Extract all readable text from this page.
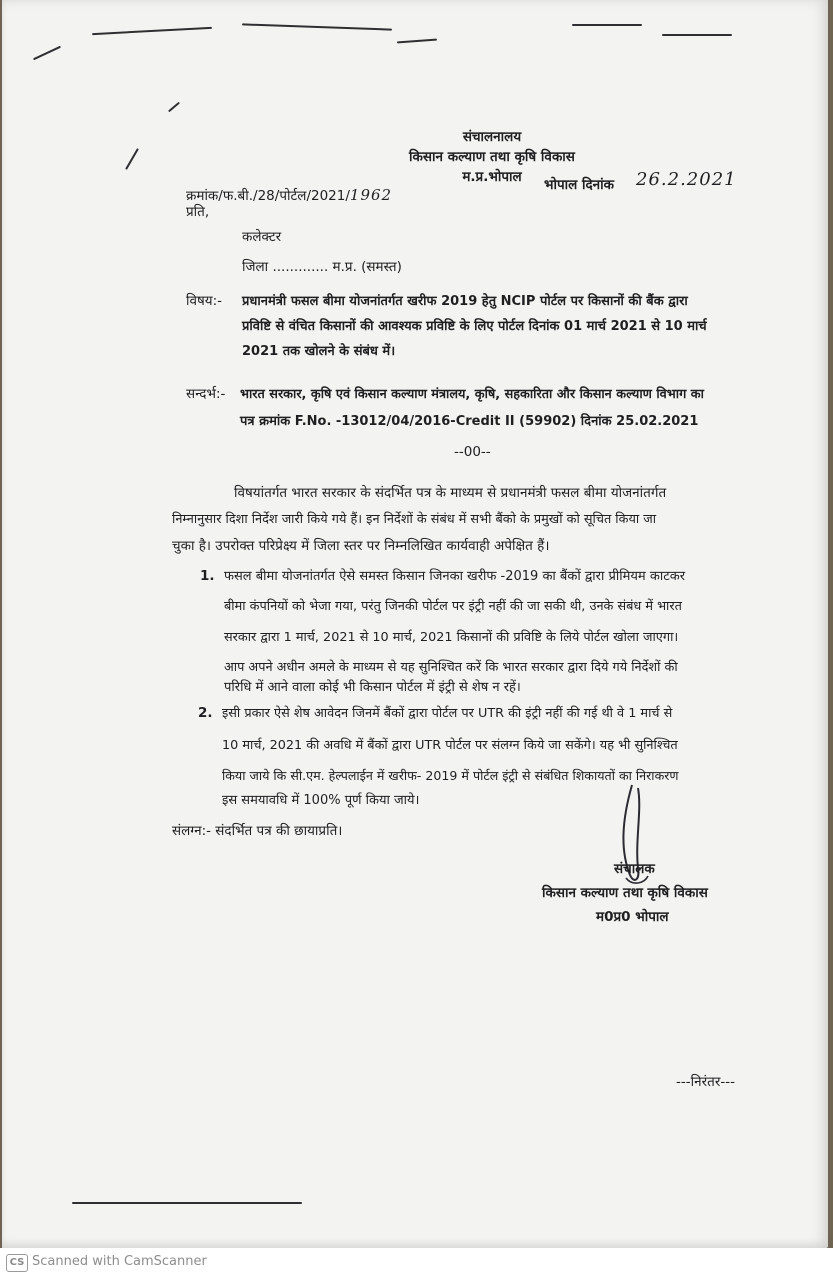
संचालनालय
किसान कल्याण तथा कृषि विकास
म.प्र.भोपाल
क्रमांक/फ.बी./28/पोर्टल/2021/1962
भोपाल दिनांक 26.2.2021
प्रति,
कलेक्टर
जिला ............. म.प्र. (समस्त)
विषय:- प्रधानमंत्री फसल बीमा योजनांतर्गत खरीफ 2019 हेतु NCIP पोर्टल पर किसानों की बैंक द्वारा
प्रविष्टि से वंचित किसानों की आवश्यक प्रविष्टि के लिए पोर्टल दिनांक 01 मार्च 2021 से 10 मार्च
2021 तक खोलने के संबंध में।
सन्दर्भ:- भारत सरकार, कृषि एवं किसान कल्याण मंत्रालय, कृषि, सहकारिता और किसान कल्याण विभाग का
पत्र क्रमांक F.No. -13012/04/2016-Credit II (59902) दिनांक 25.02.2021
--00--
विषयांतर्गत भारत सरकार के संदर्भित पत्र के माध्यम से प्रधानमंत्री फसल बीमा योजनांतर्गत
निम्नानुसार दिशा निर्देश जारी किये गये हैं। इन निर्देशों के संबंध में सभी बैंको के प्रमुखों को सूचित किया जा
चुका है। उपरोक्त परिप्रेक्ष्य में जिला स्तर पर निम्नलिखित कार्यवाही अपेक्षित हैं।
1. फसल बीमा योजनांतर्गत ऐसे समस्त किसान जिनका खरीफ -2019 का बैंकों द्वारा प्रीमियम काटकर
बीमा कंपनियों को भेजा गया, परंतु जिनकी पोर्टल पर इंट्री नहीं की जा सकी थी, उनके संबंध में भारत
सरकार द्वारा 1 मार्च, 2021 से 10 मार्च, 2021 किसानों की प्रविष्टि के लिये पोर्टल खोला जाएगा।
आप अपने अधीन अमले के माध्यम से यह सुनिश्चित करें कि भारत सरकार द्वारा दिये गये निर्देशों की
परिधि में आने वाला कोई भी किसान पोर्टल में इंट्री से शेष न रहें।
2. इसी प्रकार ऐसे शेष आवेदन जिनमें बैंकों द्वारा पोर्टल पर UTR की इंट्री नहीं की गई थी वे 1 मार्च से
10 मार्च, 2021 की अवधि में बैंकों द्वारा UTR पोर्टल पर संलग्न किये जा सकेंगे। यह भी सुनिश्चित
किया जाये कि सी.एम. हेल्पलाईन में खरीफ- 2019 में पोर्टल इंट्री से संबंधित शिकायतों का निराकरण
इस समयावधि में 100% पूर्ण किया जाये।
संलग्न:- संदर्भित पत्र की छायाप्रति।
संचालक
किसान कल्याण तथा कृषि विकास
म0प्र0 भोपाल
---निरंतर---
CS Scanned with CamScanner
